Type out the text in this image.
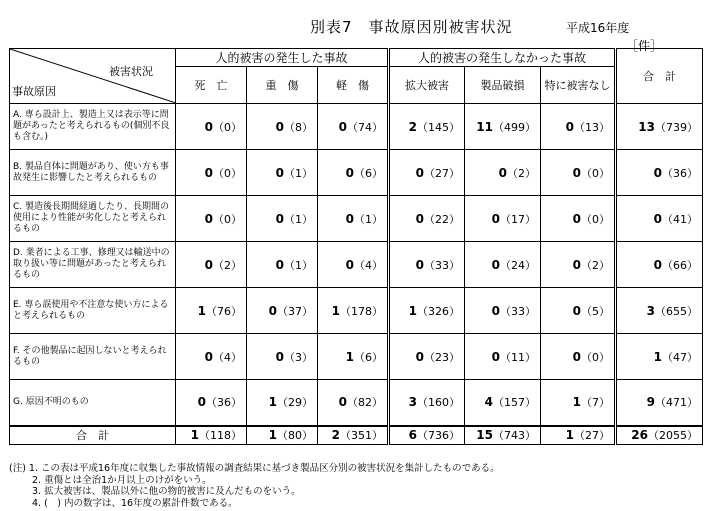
別表7　事故原因別被害状況	平成16年度
［件］
被害状況
事故原因	人的被害の発生した事故			人的被害の発生しなかった事故			合　計
	死　亡	重　傷	軽　傷	拡大被害	製品破損	特に被害なし	
A. 専ら設計上、製造上又は表示等に問題があったと考えられるもの(個別不良も含む。)	0（0）	0（8）	0（74）	2（145）	11（499）	0（13）	13（739）
B. 製品自体に問題があり、使い方も事故発生に影響したと考えられるもの	0（0）	0（1）	0（6）	0（27）	0（2）	0（0）	0（36）
C. 製造後長期間経過したり、長期間の使用により性能が劣化したと考えられるもの	0（0）	0（1）	0（1）	0（22）	0（17）	0（0）	0（41）
D. 業者による工事、修理又は輸送中の取り扱い等に問題があったと考えられるもの	0（2）	0（1）	0（4）	0（33）	0（24）	0（2）	0（66）
E. 専ら誤使用や不注意な使い方によると考えられるもの	1（76）	0（37）	1（178）	1（326）	0（33）	0（5）	3（655）
F. その他製品に起因しないと考えられるもの	0（4）	0（3）	1（6）	0（23）	0（11）	0（0）	1（47）
G. 原因不明のもの	0（36）	1（29）	0（82）	3（160）	4（157）	1（7）	9（471）
合　計	1（118）	1（80）	2（351）	6（736）	15（743）	1（27）	26（2055）
(注) 1. この表は平成16年度に収集した事故情報の調査結果に基づき製品区分別の被害状況を集計したものである。
2. 重傷とは全治1か月以上のけがをいう。
3. 拡大被害は、製品以外に他の物的被害に及んだものをいう。
4. (　) 内の数字は、16年度の累計件数である。
